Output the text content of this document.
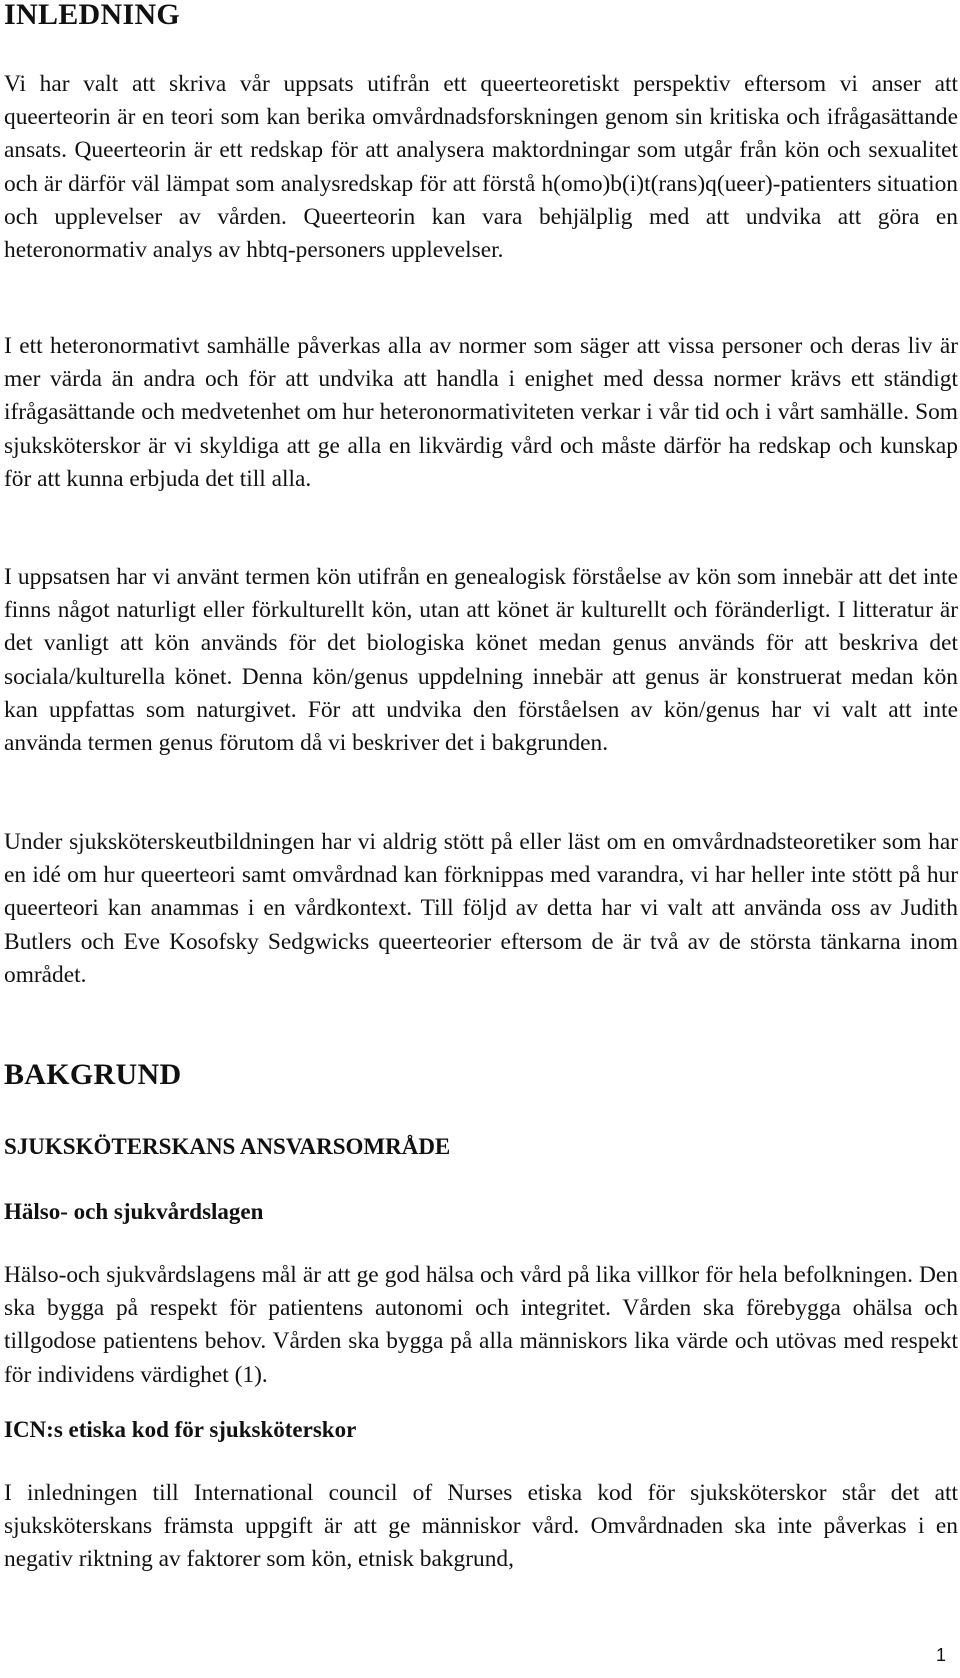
INLEDNING

Vi har valt att skriva vår uppsats utifrån ett queerteoretiskt perspektiv eftersom vi anser att queerteorin är en teori som kan berika omvårdnadsforskningen genom sin kritiska och ifrågasättande ansats. Queerteorin är ett redskap för att analysera maktordningar som utgår från kön och sexualitet och är därför väl lämpat som analysredskap för att förstå h(omo)b(i)t(rans)q(ueer)-patienters situation och upplevelser av vården. Queerteorin kan vara behjälplig med att undvika att göra en heteronormativ analys av hbtq-personers upplevelser.

I ett heteronormativt samhälle påverkas alla av normer som säger att vissa personer och deras liv är mer värda än andra och för att undvika att handla i enighet med dessa normer krävs ett ständigt ifrågasättande och medvetenhet om hur heteronormativiteten verkar i vår tid och i vårt samhälle. Som sjuksköterskor är vi skyldiga att ge alla en likvärdig vård och måste därför ha redskap och kunskap för att kunna erbjuda det till alla.

I uppsatsen har vi använt termen kön utifrån en genealogisk förståelse av kön som innebär att det inte finns något naturligt eller förkulturellt kön, utan att könet är kulturellt och föränderligt. I litteratur är det vanligt att kön används för det biologiska könet medan genus används för att beskriva det sociala/kulturella könet. Denna kön/genus uppdelning innebär att genus är konstruerat medan kön kan uppfattas som naturgivet. För att undvika den förståelsen av kön/genus har vi valt att inte använda termen genus förutom då vi beskriver det i bakgrunden.

Under sjuksköterskeutbildningen har vi aldrig stött på eller läst om en omvårdnadsteoretiker som har en idé om hur queerteori samt omvårdnad kan förknippas med varandra, vi har heller inte stött på hur queerteori kan anammas i en vårdkontext. Till följd av detta har vi valt att använda oss av Judith Butlers och Eve Kosofsky Sedgwicks queerteorier eftersom de är två av de största tänkarna inom området.

BAKGRUND
SJUKSKÖTERSKANS ANSVARSOMRÅDE
Hälso- och sjukvårdslagen

Hälso-och sjukvårdslagens mål är att ge god hälsa och vård på lika villkor för hela befolkningen. Den ska bygga på respekt för patientens autonomi och integritet. Vården ska förebygga ohälsa och tillgodose patientens behov. Vården ska bygga på alla människors lika värde och utövas med respekt för individens värdighet (1).

ICN:s etiska kod för sjuksköterskor

I inledningen till International council of Nurses etiska kod för sjuksköterskor står det att sjuksköterskans främsta uppgift är att ge människor vård. Omvårdnaden ska inte påverkas i en negativ riktning av faktorer som kön, etnisk bakgrund,

1
